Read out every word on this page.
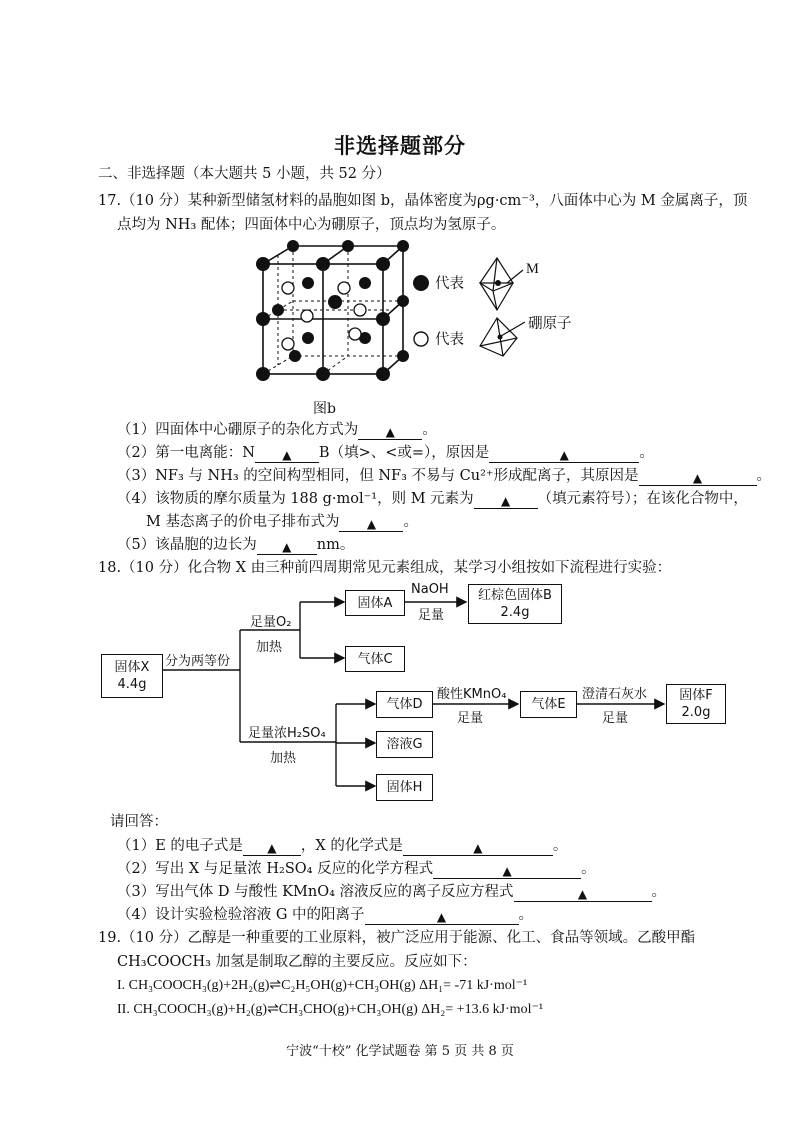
非选择题部分
二、非选择题（本大题共 5 小题，共 52 分）
17.（10 分）某种新型储氢材料的晶胞如图 b，晶体密度为ρg·cm⁻³，八面体中心为 M 金属离子，顶
点均为 NH₃ 配体；四面体中心为硼原子，顶点均为氢原子。
代表
代表
M
硼原子
图b
（1）四面体中心硼原子的杂化方式为 ▲ 。
（2）第一电离能：N ▲ B（填>、<或=），原因是	▲	。
（3）NF₃ 与 NH₃ 的空间构型相同，但 NF₃ 不易与 Cu²⁺形成配离子，其原因是	▲	。
（4）该物质的摩尔质量为 188 g·mol⁻¹，则 M 元素为 ▲ （填元素符号）；在该化合物中，
M 基态离子的价电子排布式为 ▲ 。
（5）该晶胞的边长为 ▲ nm。
18.（10 分）化合物 X 由三种前四周期常见元素组成，某学习小组按如下流程进行实验：
固体X
4.4g
分为两等份
足量O₂
加热
固体A
NaOH
足量
红棕色固体B
2.4g
气体C
足量浓H₂SO₄
加热
气体D
酸性KMnO₄
足量
气体E
澄清石灰水
足量
固体F
2.0g
溶液G
固体H
请回答：
（1）E 的电子式是 ▲ ，X 的化学式是	▲	。
（2）写出 X 与足量浓 H₂SO₄ 反应的化学方程式	▲	。
（3）写出气体 D 与酸性 KMnO₄ 溶液反应的离子反应方程式	▲	。
（4）设计实验检验溶液 G 中的阳离子	▲	。
19.（10 分）乙醇是一种重要的工业原料，被广泛应用于能源、化工、食品等领域。乙酸甲酯
CH₃COOCH₃ 加氢是制取乙醇的主要反应。反应如下：
I. CH₃COOCH₃(g)+2H₂(g)⇌C₂H₅OH(g)+CH₃OH(g) ΔH₁= -71 kJ·mol⁻¹
II. CH₃COOCH₃(g)+H₂(g)⇌CH₃CHO(g)+CH₃OH(g) ΔH₂= +13.6 kJ·mol⁻¹
宁波“十校” 化学试题卷 第 5 页 共 8 页
